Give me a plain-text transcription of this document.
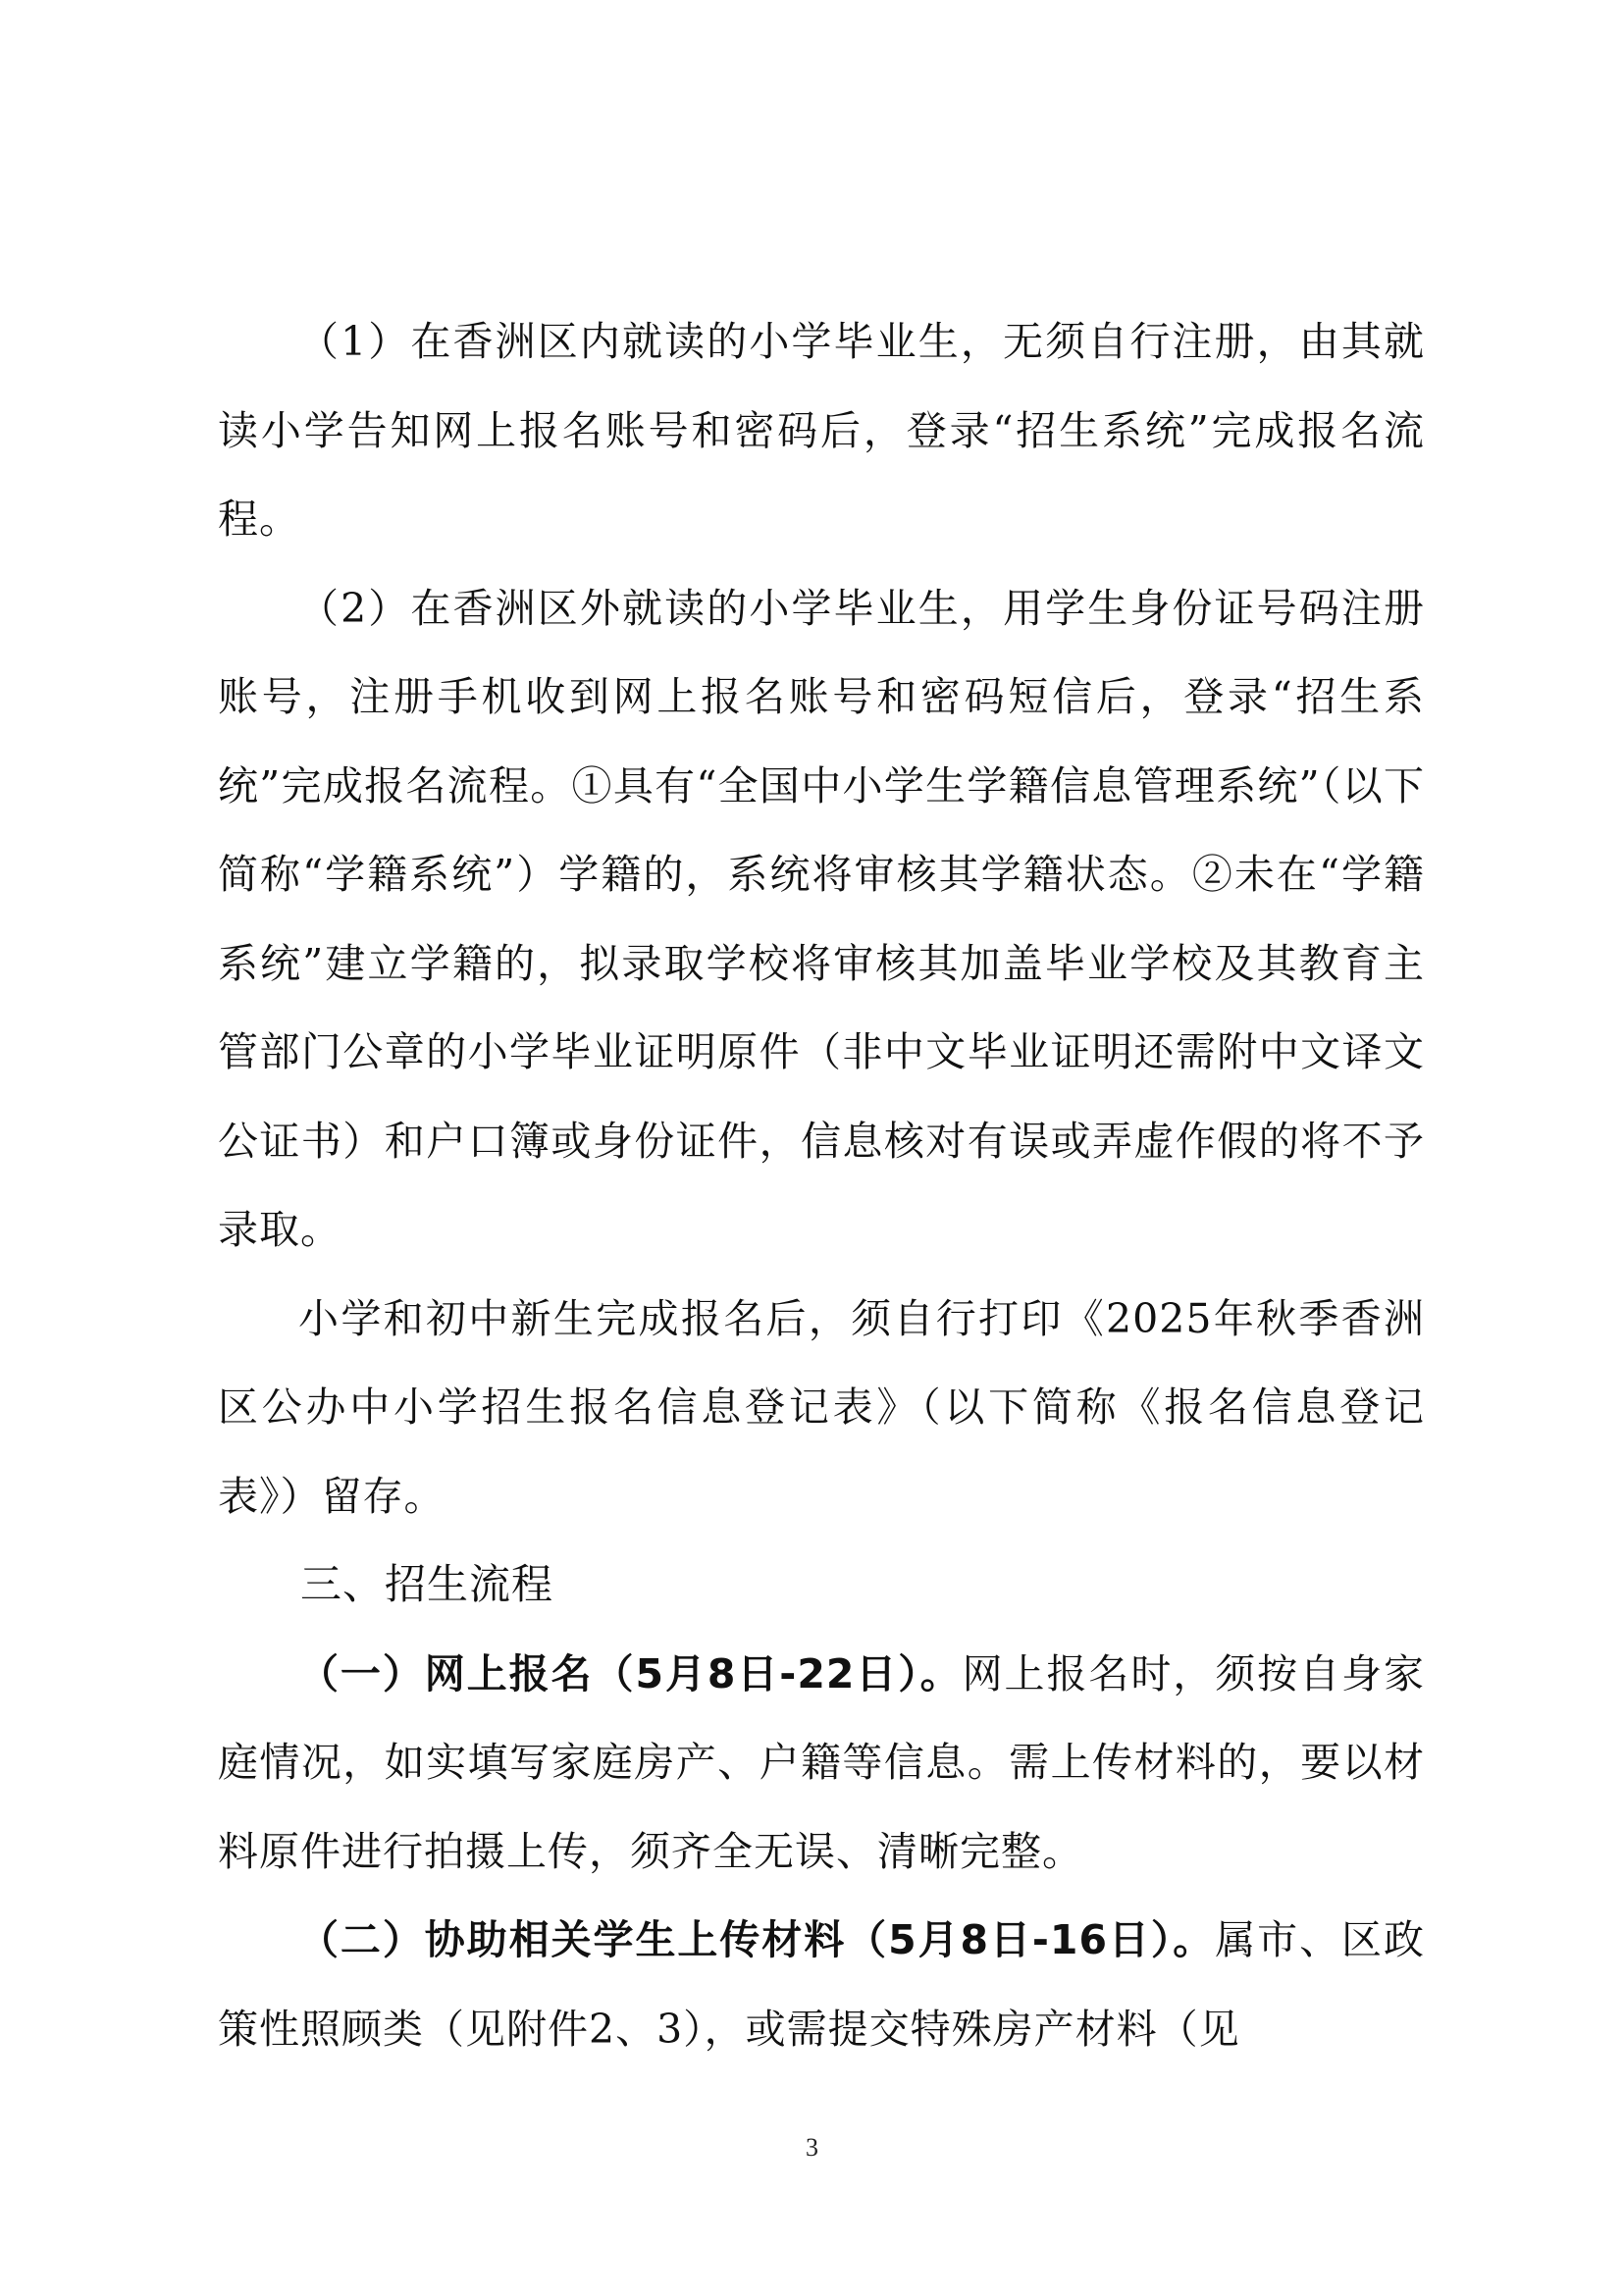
（1）在香洲区内就读的小学毕业生，无须自行注册，由其就读小学告知网上报名账号和密码后，登录“招生系统”完成报名流程。

（2）在香洲区外就读的小学毕业生，用学生身份证号码注册账号，注册手机收到网上报名账号和密码短信后，登录“招生系统”完成报名流程。①具有“全国中小学生学籍信息管理系统”（以下简称“学籍系统”）学籍的，系统将审核其学籍状态。②未在“学籍系统”建立学籍的，拟录取学校将审核其加盖毕业学校及其教育主管部门公章的小学毕业证明原件（非中文毕业证明还需附中文译文公证书）和户口簿或身份证件，信息核对有误或弄虚作假的将不予录取。

小学和初中新生完成报名后，须自行打印《2025年秋季香洲区公办中小学招生报名信息登记表》（以下简称《报名信息登记表》）留存。

三、招生流程

（一）网上报名（5月8日-22日）。网上报名时，须按自身家庭情况，如实填写家庭房产、户籍等信息。需上传材料的，要以材料原件进行拍摄上传，须齐全无误、清晰完整。

（二）协助相关学生上传材料（5月8日-16日）。属市、区政策性照顾类（见附件2、3），或需提交特殊房产材料（见

3
